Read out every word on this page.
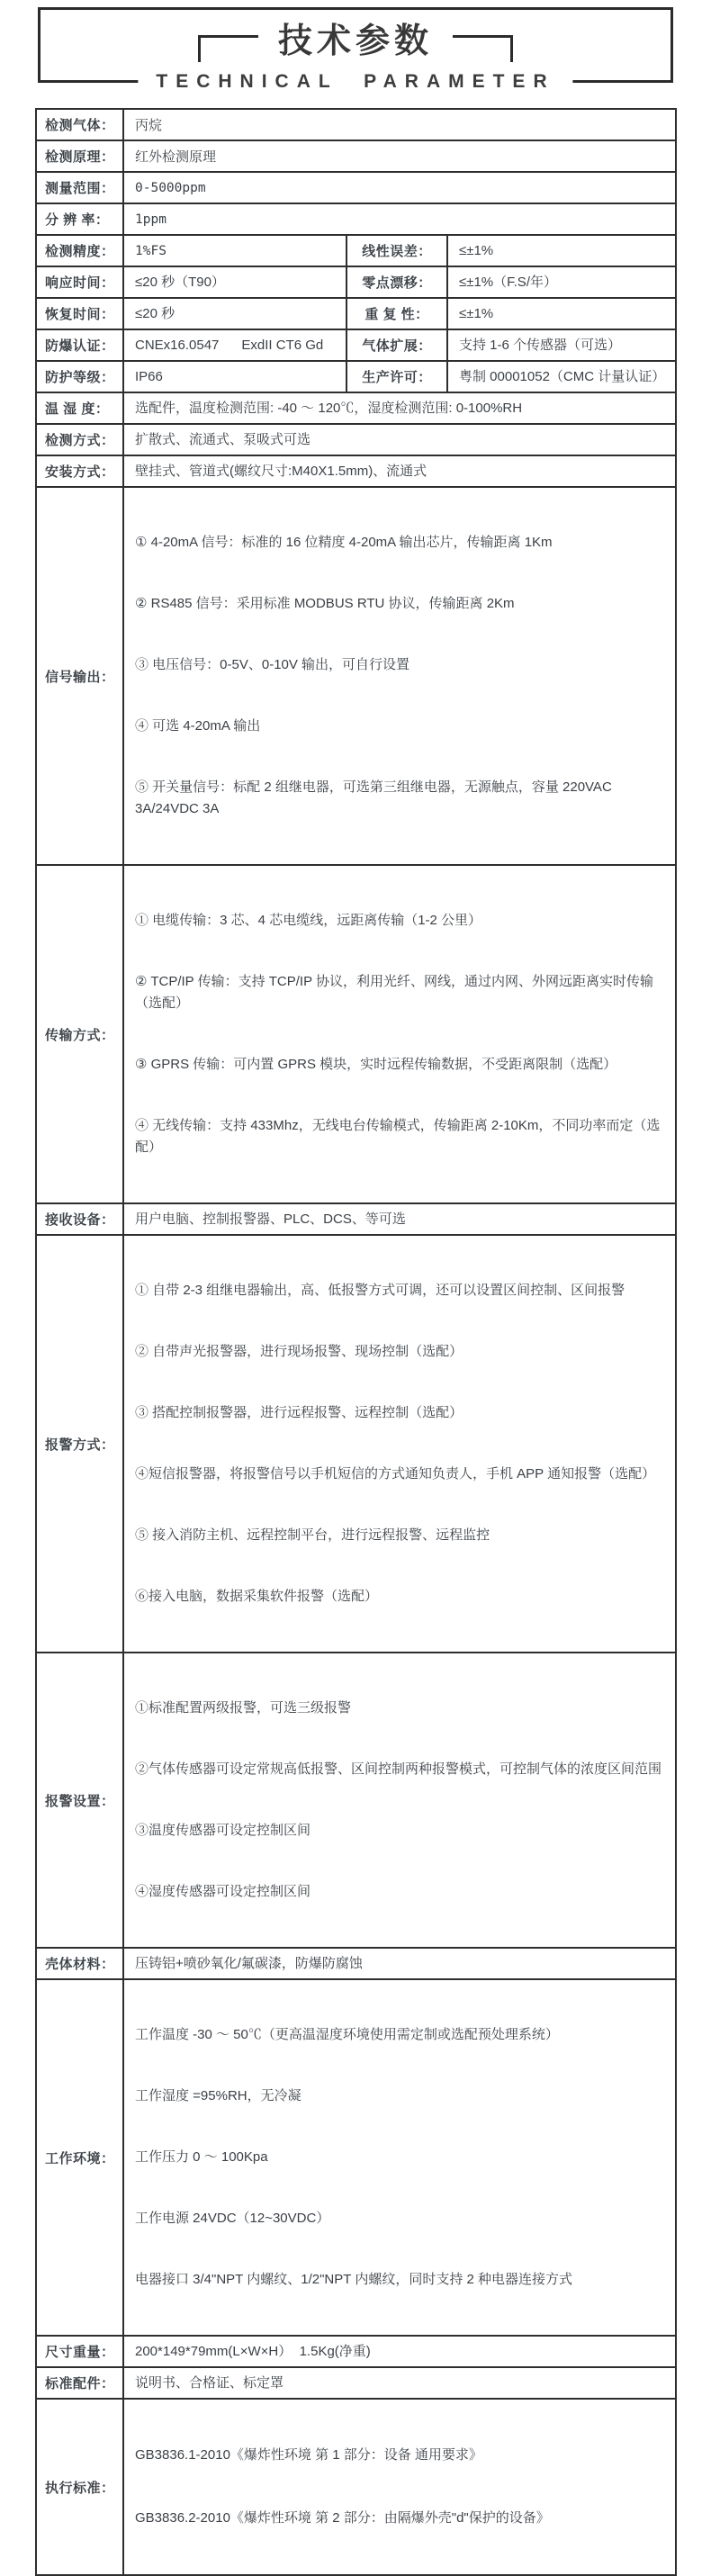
技术参数
TECHNICAL PARAMETER
检测气体：	丙烷		
检测原理：	红外检测原理		
测量范围：	0-5000ppm		
分 辨 率：	1ppm		
检测精度：	1%FS	线性误差：	≤±1%
响应时间：	≤20 秒（T90）	零点漂移：	≤±1%（F.S/年）
恢复时间：	≤20 秒	重 复 性：	≤±1%
防爆认证：	CNEx16.0547      ExdII CT6 Gd	气体扩展：	支持 1-6 个传感器（可选）
防护等级：	IP66	生产许可：	粤制 00001052（CMC 计量认证）
温 湿 度：	选配件，温度检测范围: -40 ～ 120℃，湿度检测范围: 0-100%RH		
检测方式：	扩散式、流通式、泵吸式可选		
安装方式：	壁挂式、管道式(螺纹尺寸:M40X1.5mm)、流通式		
信号输出：	① 4-20mA 信号：标准的 16 位精度 4-20mA 输出芯片，传输距离 1Km

② RS485 信号：采用标准 MODBUS RTU 协议，传输距离 2Km

③ 电压信号：0-5V、0-10V 输出，可自行设置

④ 可选 4-20mA 输出

⑤ 开关量信号：标配 2 组继电器，可选第三组继电器，无源触点，容量 220VAC 3A/24VDC 3A		

传输方式：	① 电缆传输：3 芯、4 芯电缆线，远距离传输（1-2 公里）

② TCP/IP 传输：支持 TCP/IP 协议，利用光纤、网线，通过内网、外网远距离实时传输（选配）

③ GPRS 传输：可内置 GPRS 模块，实时远程传输数据，不受距离限制（选配）

④ 无线传输：支持 433Mhz，无线电台传输模式，传输距离 2-10Km，不同功率而定（选配）		

接收设备：	用户电脑、控制报警器、PLC、DCS、等可选		
报警方式：	

① 自带 2-3 组继电器输出，高、低报警方式可调，还可以设置区间控制、区间报警

② 自带声光报警器，进行现场报警、现场控制（选配）

③ 搭配控制报警器，进行远程报警、远程控制（选配）

④短信报警器，将报警信号以手机短信的方式通知负责人，手机 APP 通知报警（选配）

⑤ 接入消防主机、远程控制平台，进行远程报警、远程监控

⑥接入电脑，数据采集软件报警（选配）

报警设置：	①标准配置两级报警，可选三级报警

②气体传感器可设定常规高低报警、区间控制两种报警模式，可控制气体的浓度区间范围

③温度传感器可设定控制区间

④湿度传感器可设定控制区间		

壳体材料：	压铸铝+喷砂氧化/氟碳漆，防爆防腐蚀		
工作环境：	工作温度 -30 ～ 50℃（更高温湿度环境使用需定制或选配预处理系统）

工作湿度 =95%RH，无冷凝

工作压力 0 ～ 100Kpa

工作电源 24VDC（12~30VDC）

电器接口 3/4"NPT 内螺纹、1/2"NPT 内螺纹，同时支持 2 种电器连接方式		

尺寸重量：	200*149*79mm(L×W×H）  1.5Kg(净重)		
标准配件：	说明书、合格证、标定罩		
执行标准：	GB3836.1-2010《爆炸性环境 第 1 部分：设备 通用要求》

GB3836.2-2010《爆炸性环境 第 2 部分：由隔爆外壳"d"保护的设备》		
